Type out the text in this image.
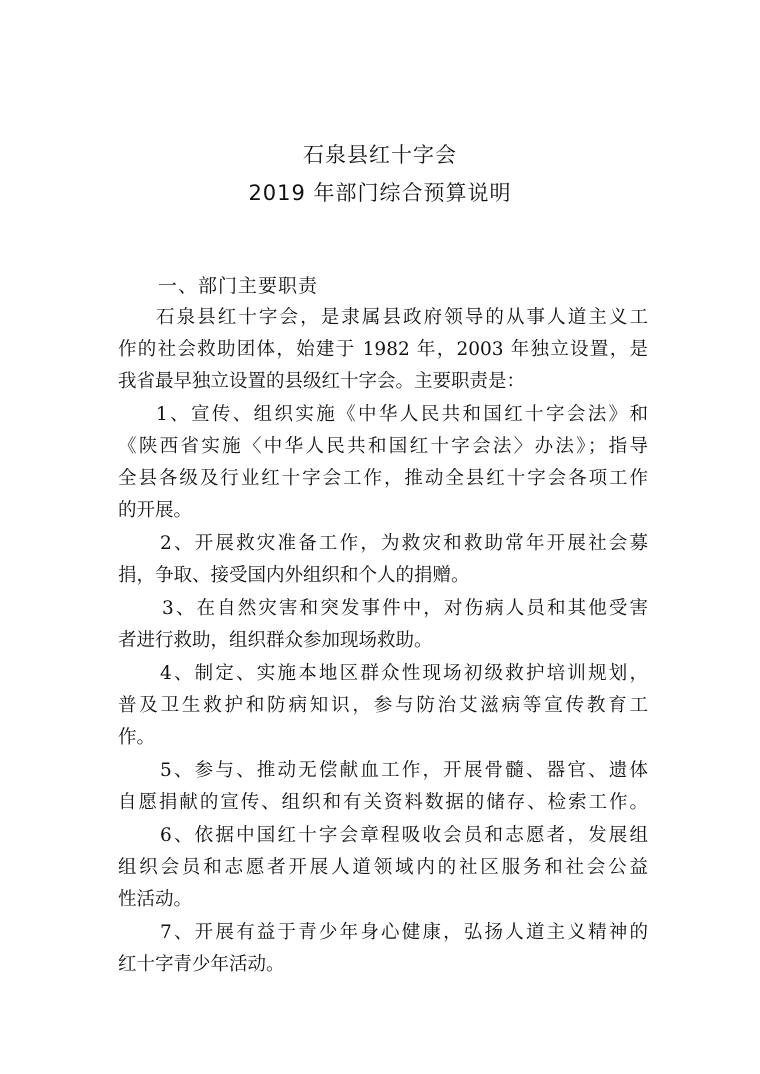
石泉县红十字会
2019 年部门综合预算说明
一、部门主要职责
石泉县红十字会，是隶属县政府领导的从事人道主义工
作的社会救助团体，始建于 1982 年，2003 年独立设置，是
我省最早独立设置的县级红十字会。主要职责是：
1、宣传、组织实施《中华人民共和国红十字会法》和
《陕西省实施〈中华人民共和国红十字会法〉办法》；指导
全县各级及行业红十字会工作，推动全县红十字会各项工作
的开展。
2、开展救灾准备工作，为救灾和救助常年开展社会募
捐，争取、接受国内外组织和个人的捐赠。
3、在自然灾害和突发事件中，对伤病人员和其他受害
者进行救助，组织群众参加现场救助。
4、制定、实施本地区群众性现场初级救护培训规划，
普及卫生救护和防病知识，参与防治艾滋病等宣传教育工
作。
5、参与、推动无偿献血工作，开展骨髓、器官、遗体
自愿捐献的宣传、组织和有关资料数据的储存、检索工作。
6、依据中国红十字会章程吸收会员和志愿者，发展组
组织会员和志愿者开展人道领域内的社区服务和社会公益
性活动。
7、开展有益于青少年身心健康，弘扬人道主义精神的
红十字青少年活动。
